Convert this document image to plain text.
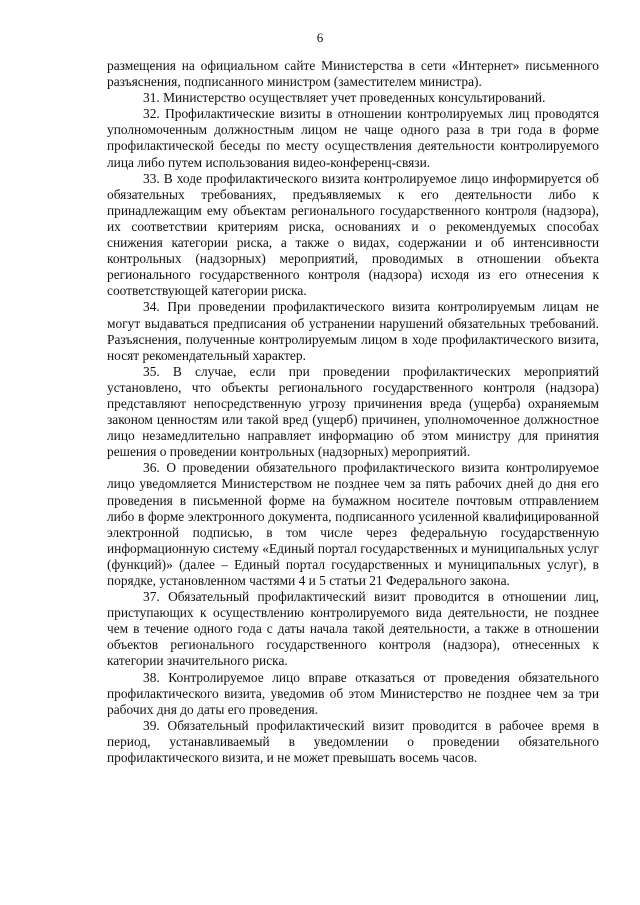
6

размещения на официальном сайте Министерства в сети «Интернет» письменного разъяснения, подписанного министром (заместителем министра).

31. Министерство осуществляет учет проведенных консультирований.

32. Профилактические визиты в отношении контролируемых лиц проводятся уполномоченным должностным лицом не чаще одного раза в три года в форме профилактической беседы по месту осуществления деятельности контролируемого лица либо путем использования видео-конференц-связи.

33. В ходе профилактического визита контролируемое лицо информируется об обязательных требованиях, предъявляемых к его деятельности либо к принадлежащим ему объектам регионального государственного контроля (надзора), их соответствии критериям риска, основаниях и о рекомендуемых способах снижения категории риска, а также о видах, содержании и об интенсивности контрольных (надзорных) мероприятий, проводимых в отношении объекта регионального государственного контроля (надзора) исходя из его отнесения к соответствующей категории риска.

34. При проведении профилактического визита контролируемым лицам не могут выдаваться предписания об устранении нарушений обязательных требований. Разъяснения, полученные контролируемым лицом в ходе профилактического визита, носят рекомендательный характер.

35. В случае, если при проведении профилактических мероприятий установлено, что объекты регионального государственного контроля (надзора) представляют непосредственную угрозу причинения вреда (ущерба) охраняемым законом ценностям или такой вред (ущерб) причинен, уполномоченное должностное лицо незамедлительно направляет информацию об этом министру для принятия решения о проведении контрольных (надзорных) мероприятий.

36. О проведении обязательного профилактического визита контролируемое лицо уведомляется Министерством не позднее чем за пять рабочих дней до дня его проведения в письменной форме на бумажном носителе почтовым отправлением либо в форме электронного документа, подписанного усиленной квалифицированной электронной подписью, в том числе через федеральную государственную информационную систему «Единый портал государственных и муниципальных услуг (функций)» (далее – Единый портал государственных и муниципальных услуг), в порядке, установленном частями 4 и 5 статьи 21 Федерального закона.

37. Обязательный профилактический визит проводится в отношении лиц, приступающих к осуществлению контролируемого вида деятельности, не позднее чем в течение одного года с даты начала такой деятельности, а также в отношении объектов регионального государственного контроля (надзора), отнесенных к категории значительного риска.

38. Контролируемое лицо вправе отказаться от проведения обязательного профилактического визита, уведомив об этом Министерство не позднее чем за три рабочих дня до даты его проведения.

39. Обязательный профилактический визит проводится в рабочее время в период, устанавливаемый в уведомлении о проведении обязательного профилактического визита, и не может превышать восемь часов.
